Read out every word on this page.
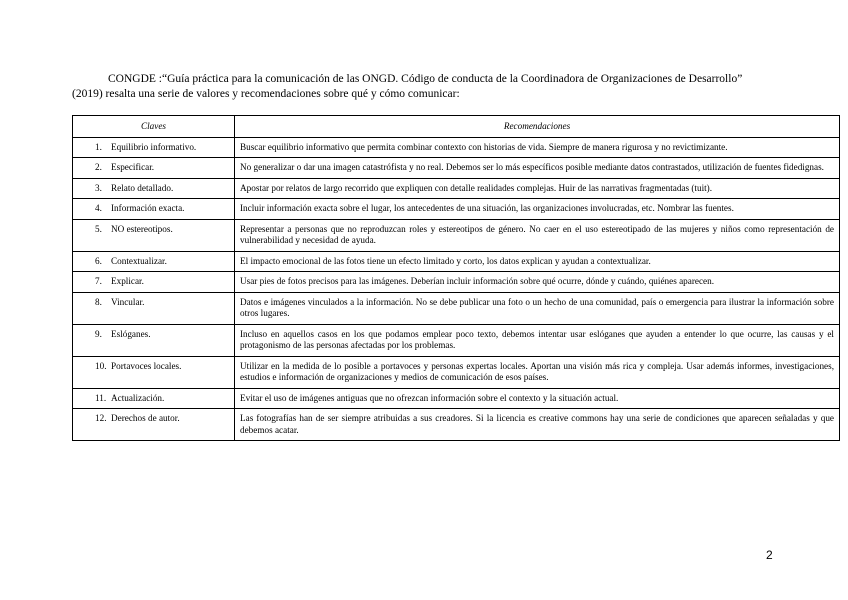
CONGDE :“Guía práctica para la comunicación de las ONGD. Código de conducta de la Coordinadora de Organizaciones de Desarrollo”
(2019) resalta una serie de valores y recomendaciones sobre qué y cómo comunicar:
Claves	Recomendaciones
1. Equilibrio informativo.	Buscar equilibrio informativo que permita combinar contexto con historias de vida. Siempre de manera rigurosa y no revictimizante.
2. Especificar.	No generalizar o dar una imagen catastrófista y no real. Debemos ser lo más específicos posible mediante datos contrastados, utilización de fuentes fidedignas.
3. Relato detallado.	Apostar por relatos de largo recorrido que expliquen con detalle realidades complejas. Huir de las narrativas fragmentadas (tuit).
4. Información exacta.	Incluir información exacta sobre el lugar, los antecedentes de una situación, las organizaciones involucradas, etc. Nombrar las fuentes.
5. NO estereotipos.	Representar a personas que no reproduzcan roles y estereotipos de género. No caer en el uso estereotipado de las mujeres y niños como representación de vulnerabilidad y necesidad de ayuda.
6. Contextualizar.	El impacto emocional de las fotos tiene un efecto limitado y corto, los datos explican y ayudan a contextualizar.
7. Explicar.	Usar pies de fotos precisos para las imágenes. Deberían incluir información sobre qué ocurre, dónde y cuándo, quiénes aparecen.
8. Vincular.	Datos e imágenes vinculados a la información. No se debe publicar una foto o un hecho de una comunidad, país o emergencia para ilustrar la información sobre otros lugares.
9. Eslóganes.	Incluso en aquellos casos en los que podamos emplear poco texto, debemos intentar usar eslóganes que ayuden a entender lo que ocurre, las causas y el protagonismo de las personas afectadas por los problemas.
10. Portavoces locales.	Utilizar en la medida de lo posible a portavoces y personas expertas locales. Aportan una visión más rica y compleja. Usar además informes, investigaciones, estudios e información de organizaciones y medios de comunicación de esos países.
11. Actualización.	Evitar el uso de imágenes antiguas que no ofrezcan información sobre el contexto y la situación actual.
12. Derechos de autor.	Las fotografías han de ser siempre atribuidas a sus creadores. Si la licencia es creative commons hay una serie de condiciones que aparecen señaladas y que debemos acatar.
2
